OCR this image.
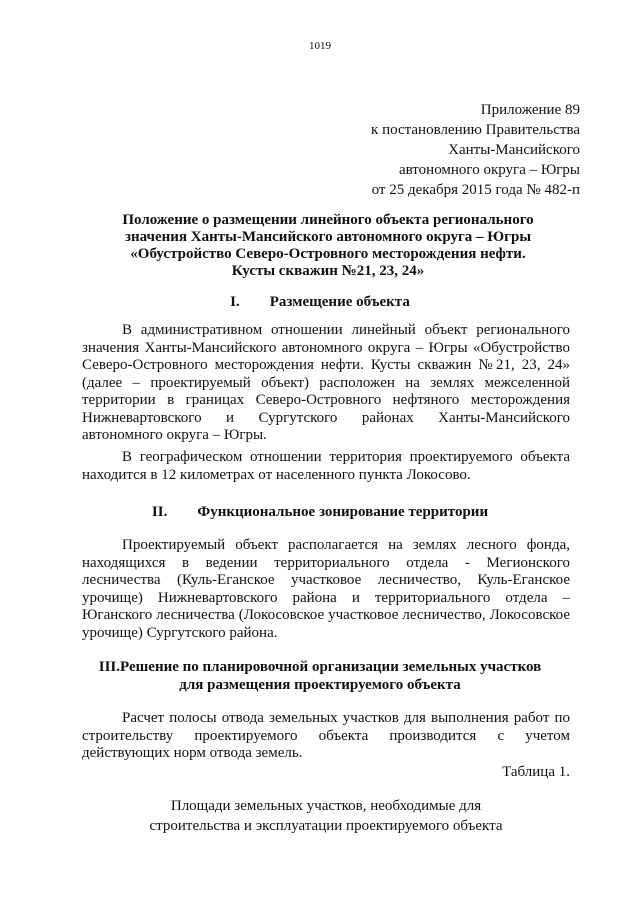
1019
Приложение 89
к постановлению Правительства
Ханты-Мансийского
автономного округа – Югры
от 25 декабря 2015 года № 482-п
Положение о размещении линейного объекта регионального значения Ханты-Мансийского автономного округа – Югры «Обустройство Северо-Островного месторождения нефти. Кусты скважин №21, 23, 24»
I. Размещение объекта

В административном отношении линейный объект регионального значения Ханты-Мансийского автономного округа – Югры «Обустройство Северо-Островного месторождения нефти. Кусты скважин №21, 23, 24» (далее – проектируемый объект) расположен на землях межселенной территории в границах Северо-Островного нефтяного месторождения Нижневартовского и Сургутского районах Ханты-Мансийского автономного округа – Югры.

В географическом отношении территория проектируемого объекта находится в 12 километрах от населенного пункта Локосово.

II. Функциональное зонирование территории

Проектируемый объект располагается на землях лесного фонда, находящихся в ведении территориального отдела - Мегионского лесничества (Куль-Еганское участковое лесничество, Куль-Еганское урочище) Нижневартовского района и территориального отдела – Юганского лесничества (Локосовское участковое лесничество, Локосовское урочище) Сургутского района.

III.Решение по планировочной организации земельных участков
для размещения проектируемого объекта

Расчет полосы отвода земельных участков для выполнения работ по строительству проектируемого объекта производится с учетом действующих норм отвода земель.

Таблица 1.
Площади земельных участков, необходимые для
строительства и эксплуатации проектируемого объекта
